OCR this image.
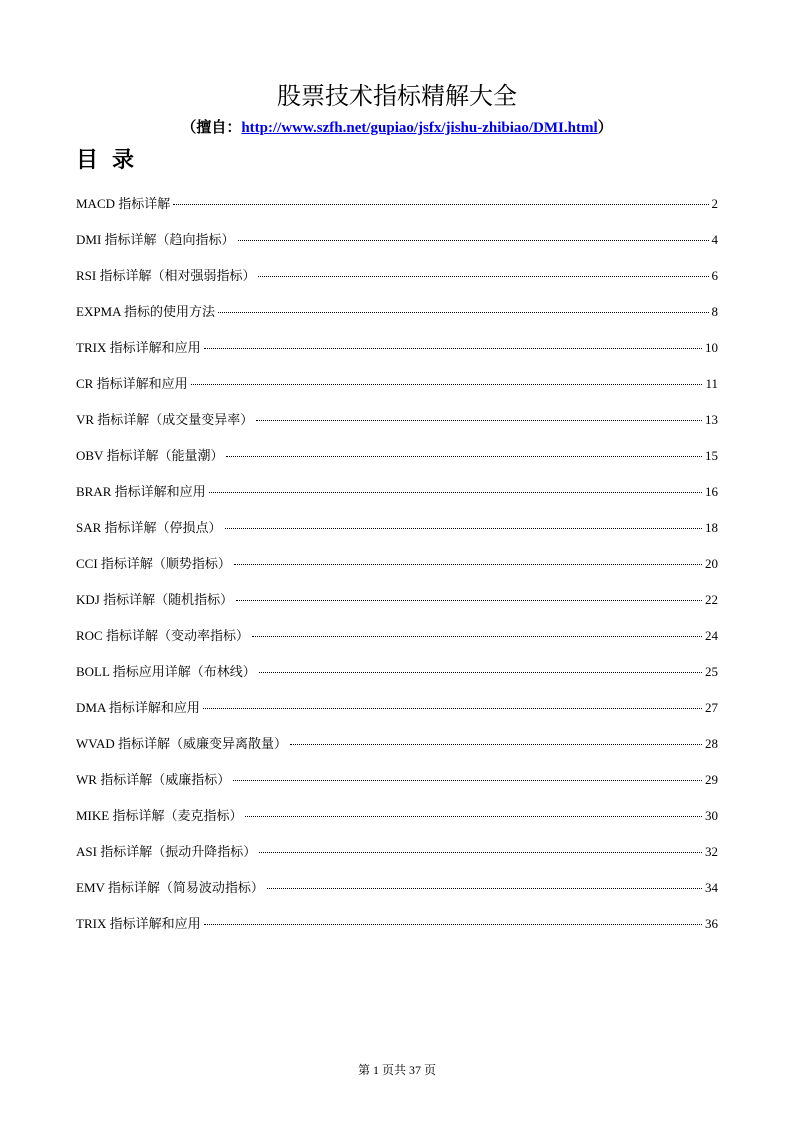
股票技术指标精解大全
（擅自：http://www.szfh.net/gupiao/jsfx/jishu-zhibiao/DMI.html）
目录
MACD 指标详解	2
DMI 指标详解（趋向指标）	4
RSI 指标详解（相对强弱指标）	6
EXPMA 指标的使用方法	8
TRIX 指标详解和应用	10
CR 指标详解和应用	11
VR 指标详解（成交量变异率）	13
OBV 指标详解（能量潮）	15
BRAR 指标详解和应用	16
SAR 指标详解（停损点）	18
CCI 指标详解（顺势指标）	20
KDJ 指标详解（随机指标）	22
ROC 指标详解（变动率指标）	24
BOLL 指标应用详解（布林线）	25
DMA 指标详解和应用	27
WVAD 指标详解（威廉变异离散量）	28
WR 指标详解（威廉指标）	29
MIKE 指标详解（麦克指标）	30
ASI 指标详解（振动升降指标）	32
EMV 指标详解（简易波动指标）	34
TRIX 指标详解和应用	36
第 1 页共 37 页
